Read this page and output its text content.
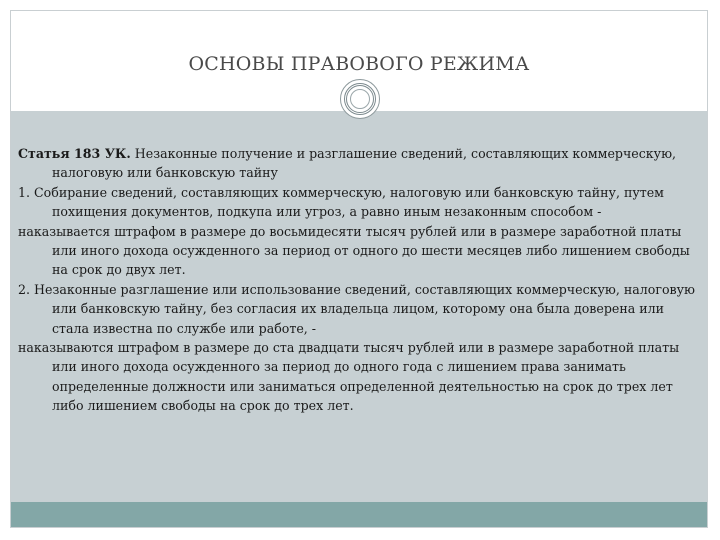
ОСНОВЫ ПРАВОВОГО РЕЖИМА

Статья 183 УК. Незаконные получение и разглашение сведений, составляющих коммерческую, налоговую или банковскую тайну

1. Собирание сведений, составляющих коммерческую, налоговую или банковскую тайну, путем похищения документов, подкупа или угроз, а равно иным незаконным способом -

наказывается штрафом в размере до восьмидесяти тысяч рублей или в размере заработной платы или иного дохода осужденного за период от одного до шести месяцев либо лишением свободы на срок до двух лет.

2. Незаконные разглашение или использование сведений, составляющих коммерческую, налоговую или банковскую тайну, без согласия их владельца лицом, которому она была доверена или стала известна по службе или работе, -

наказываются штрафом в размере до ста двадцати тысяч рублей или в размере заработной платы или иного дохода осужденного за период до одного года с лишением права занимать определенные должности или заниматься определенной деятельностью на срок до трех лет либо лишением свободы на срок до трех лет.
